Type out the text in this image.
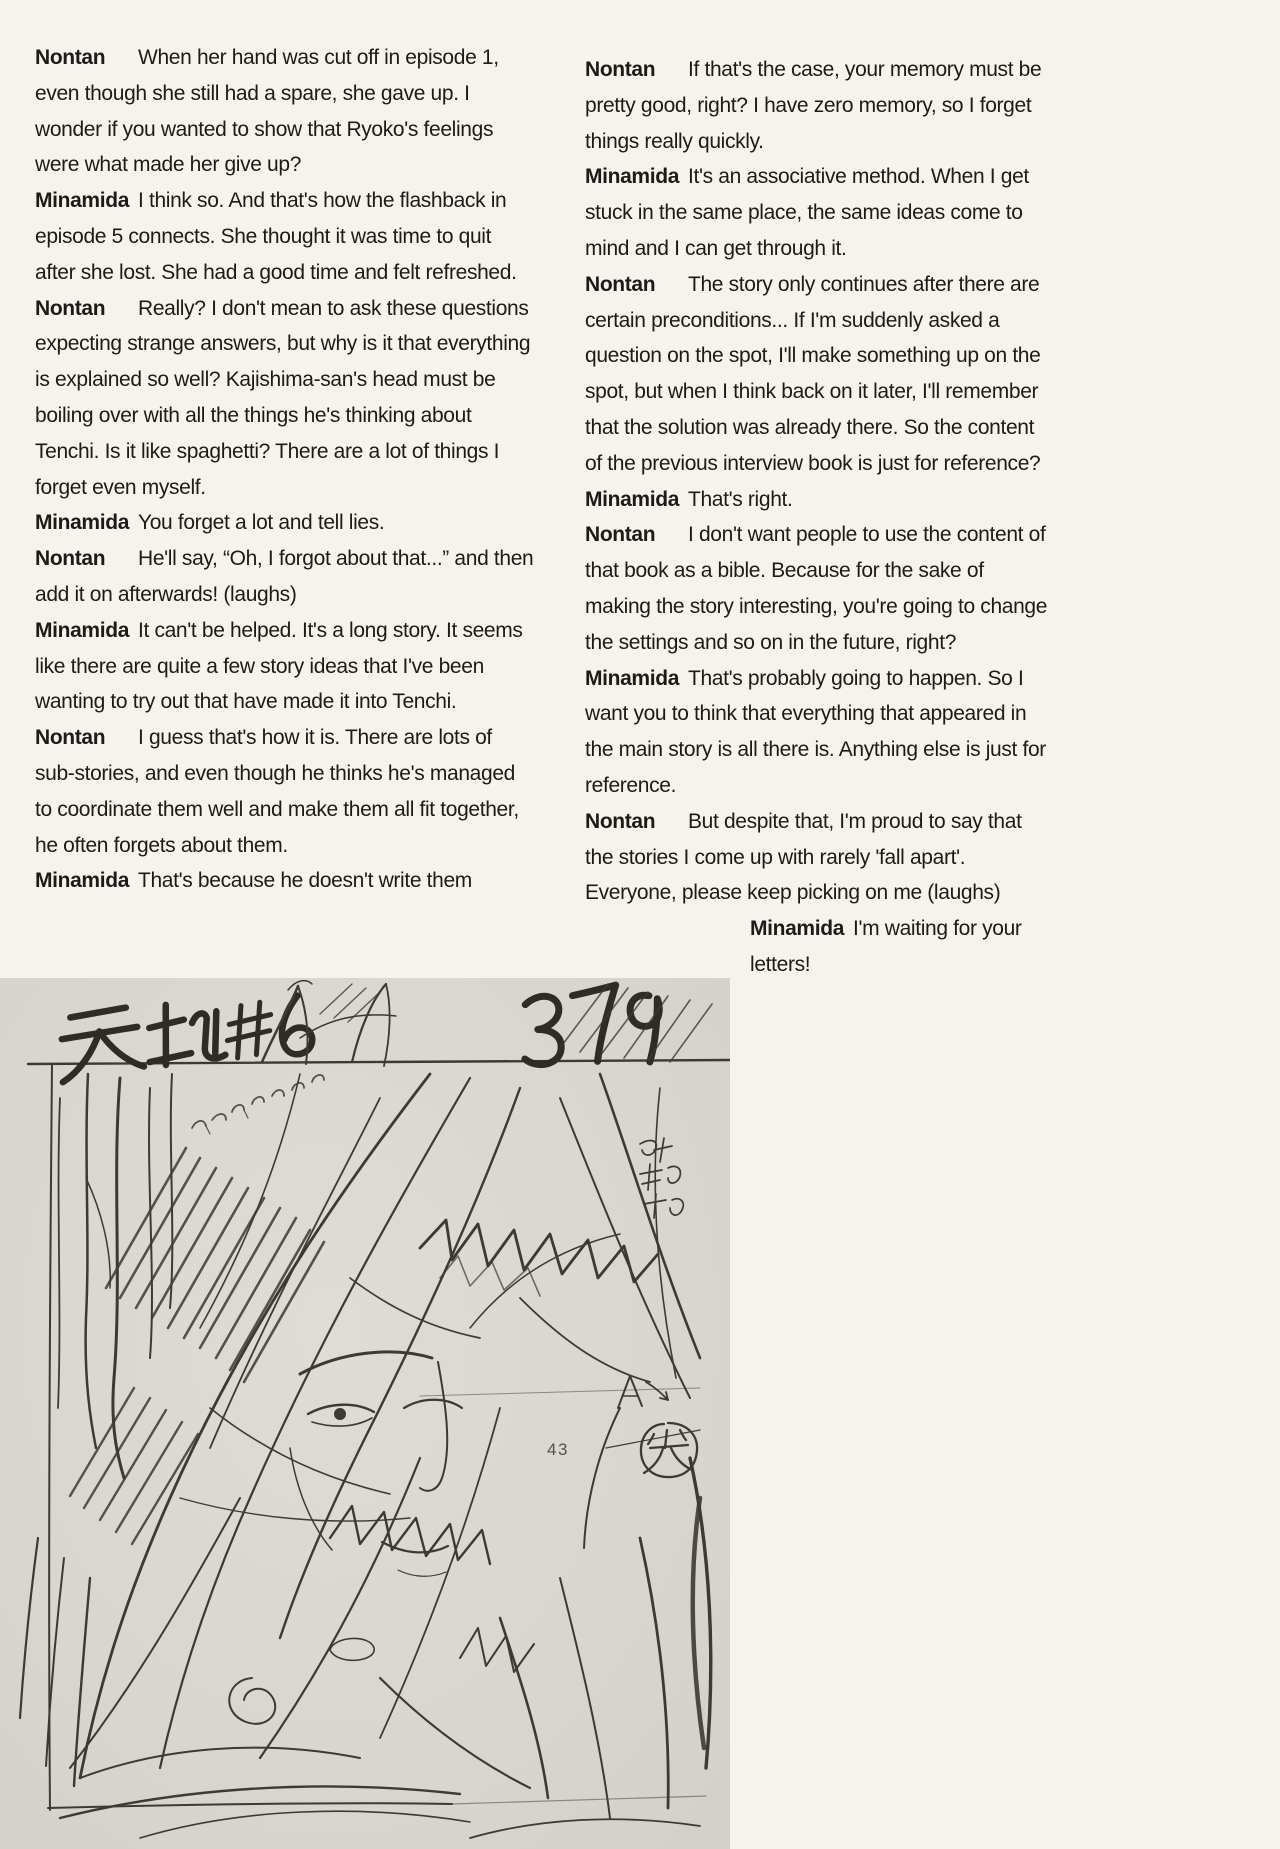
Nontan When her hand was cut off in episode 1, even though she still had a spare, she gave up. I wonder if you wanted to show that Ryoko's feelings were what made her give up?

Minamida I think so. And that's how the flashback in episode 5 connects. She thought it was time to quit after she lost. She had a good time and felt refreshed.

Nontan Really? I don't mean to ask these questions expecting strange answers, but why is it that everything is explained so well? Kajishima-san's head must be boiling over with all the things he's thinking about Tenchi. Is it like spaghetti? There are a lot of things I forget even myself.

Minamida You forget a lot and tell lies.

Nontan He'll say, “Oh, I forgot about that...” and then add it on afterwards! (laughs)

Minamida It can't be helped. It's a long story. It seems like there are quite a few story ideas that I've been wanting to try out that have made it into Tenchi.

Nontan I guess that's how it is. There are lots of sub-stories, and even though he thinks he's managed to coordinate them well and make them all fit together, he often forgets about them.

Minamida That's because he doesn't write them

Nontan If that's the case, your memory must be pretty good, right? I have zero memory, so I forget things really quickly.

Minamida It's an associative method. When I get stuck in the same place, the same ideas come to mind and I can get through it.

Nontan The story only continues after there are certain preconditions... If I'm suddenly asked a question on the spot, I'll make something up on the spot, but when I think back on it later, I'll remember that the solution was already there. So the content of the previous interview book is just for reference?

Minamida That's right.

Nontan I don't want people to use the content of that book as a bible. Because for the sake of making the story interesting, you're going to change the settings and so on in the future, right?

Minamida That's probably going to happen. So I want you to think that everything that appeared in the main story is all there is. Anything else is just for reference.

Nontan But despite that, I'm proud to say that the stories I come up with rarely 'fall apart'. Everyone, please keep picking on me (laughs)

Minamida I'm waiting for your letters!

43
